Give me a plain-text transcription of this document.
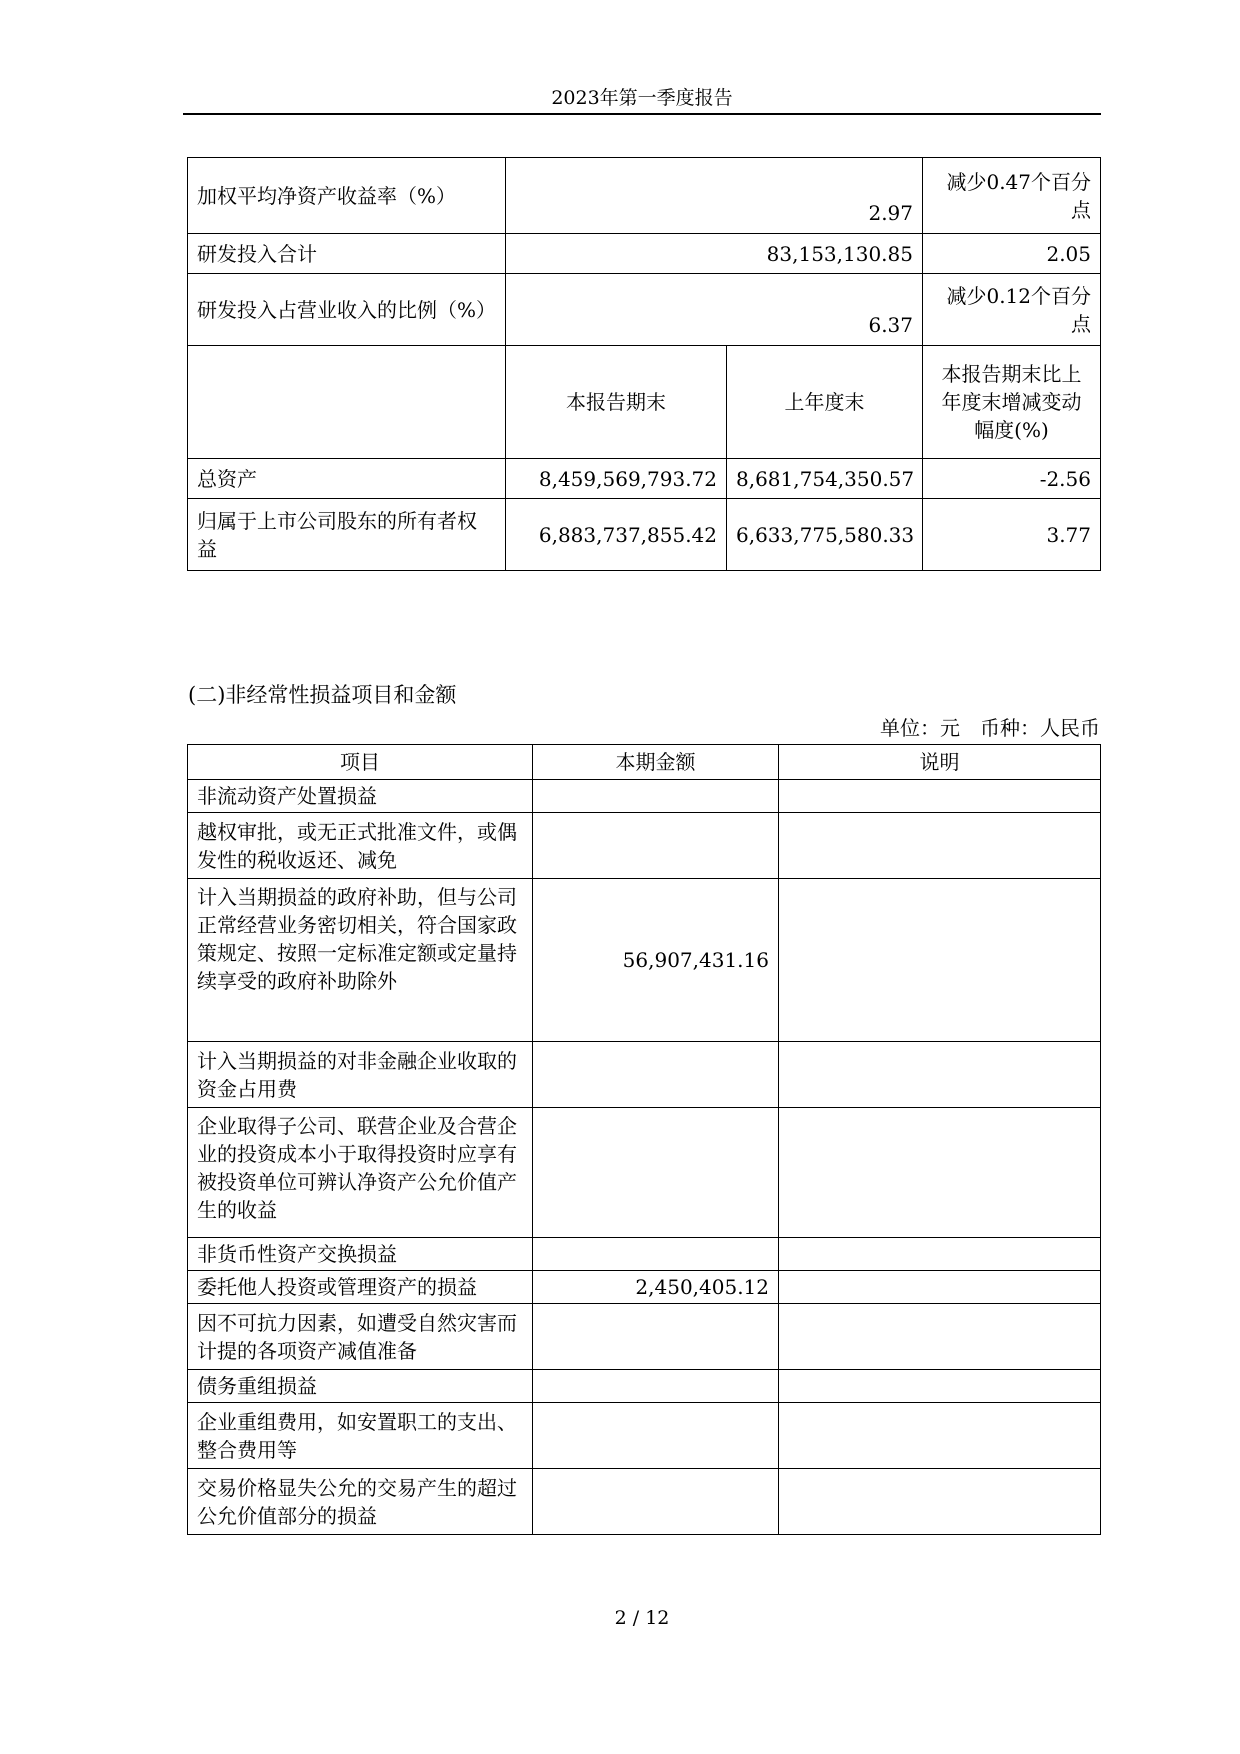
2023年第一季度报告
加权平均净资产收益率（%）	2.97		减少0.47个百分点
研发投入合计	83,153,130.85		2.05
研发投入占营业收入的比例（%）	6.37		减少0.12个百分点
	本报告期末	上年度末	本报告期末比上年度末增减变动幅度(%)
总资产	8,459,569,793.72	8,681,754,350.57	-2.56
归属于上市公司股东的所有者权益	6,883,737,855.42	6,633,775,580.33	3.77
(二)非经常性损益项目和金额
单位：元　币种：人民币
项目	本期金额	说明
非流动资产处置损益		
越权审批，或无正式批准文件，或偶发性的税收返还、减免		
计入当期损益的政府补助，但与公司正常经营业务密切相关，符合国家政策规定、按照一定标准定额或定量持续享受的政府补助除外	56,907,431.16	
计入当期损益的对非金融企业收取的资金占用费		
企业取得子公司、联营企业及合营企业的投资成本小于取得投资时应享有被投资单位可辨认净资产公允价值产生的收益		
非货币性资产交换损益		
委托他人投资或管理资产的损益	2,450,405.12	
因不可抗力因素，如遭受自然灾害而计提的各项资产减值准备		
债务重组损益		
企业重组费用，如安置职工的支出、整合费用等		
交易价格显失公允的交易产生的超过公允价值部分的损益		
2 / 12
